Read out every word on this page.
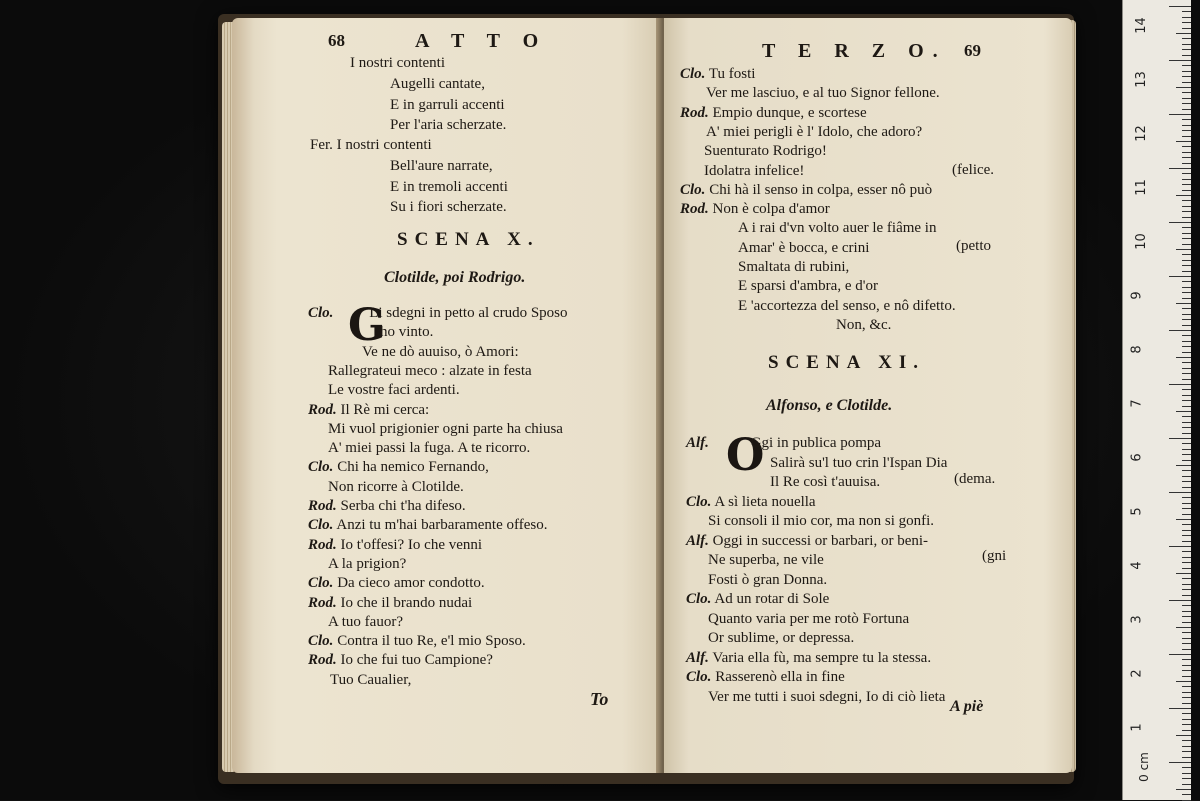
68	A T T O
I nostri contenti
Augelli cantate,
E in garruli accenti
Per l'aria scherzate.
Fer. I nostri contenti
Bell'aure narrate,
E in tremoli accenti
Su i fiori scherzate.
SCENA X.
Clotilde, poi Rodrigo.
G
Clo. Li sdegni in petto al crudo Sposo
ho vinto.
Ve ne dò auuiso, ò Amori:
Rallegrateui meco : alzate in festa
Le vostre faci ardenti.
Rod. Il Rè mi cerca:
Mi vuol prigionier ogni parte ha chiusa
A' miei passi la fuga. A te ricorro.
Clo. Chi ha nemico Fernando,
Non ricorre à Clotilde.
Rod. Serba chi t'ha difeso.
Clo. Anzi tu m'hai barbaramente offeso.
Rod. Io t'offesi? Io che venni
A la prigion?
Clo. Da cieco amor condotto.
Rod. Io che il brando nudai
A tuo fauor?
Clo. Contra il tuo Re, e'l mio Sposo.
Rod. Io che fui tuo Campione?
Tuo Caualier,
To
T E R Z O. 69
Clo. Tu fosti
Ver me lasciuo, e al tuo Signor fellone.
Rod. Empio dunque, e scortese
A' miei perigli è l' Idolo, che adoro?
Suenturato Rodrigo!
Idolatra infelice!
Clo. Chi hà il senso in colpa, esser nô può
Rod. Non è colpa d'amor
A i rai d'vn volto auer le fiâme in
Amar' è bocca, e crini
Smaltata di rubini,
E sparsi d'ambra, e d'or
E 'accortezza del senso, e nô difetto.
Non, &c.
(felice.
(petto
SCENA XI.
Alfonso, e Clotilde.
O
Alf.	Ggi in publica pompa
Salirà su'l tuo crin l'Ispan Dia
Il Re così t'auuisa.
Clo. A sì lieta nouella
Si consoli il mio cor, ma non si gonfi.
Alf. Oggi in successi or barbari, or beni-
Ne superba, ne vile
Fosti ò gran Donna.
Clo. Ad un rotar di Sole
Quanto varia per me rotò Fortuna
Or sublime, or depressa.
Alf. Varia ella fù, ma sempre tu la stessa.
Clo. Rasserenò ella in fine
Ver me tutti i suoi sdegni, Io di ciò lieta
(dema.
(gni
A piè
14
13
12
11
10
9
8
7
6
5
4
3
2
1
0 cm
